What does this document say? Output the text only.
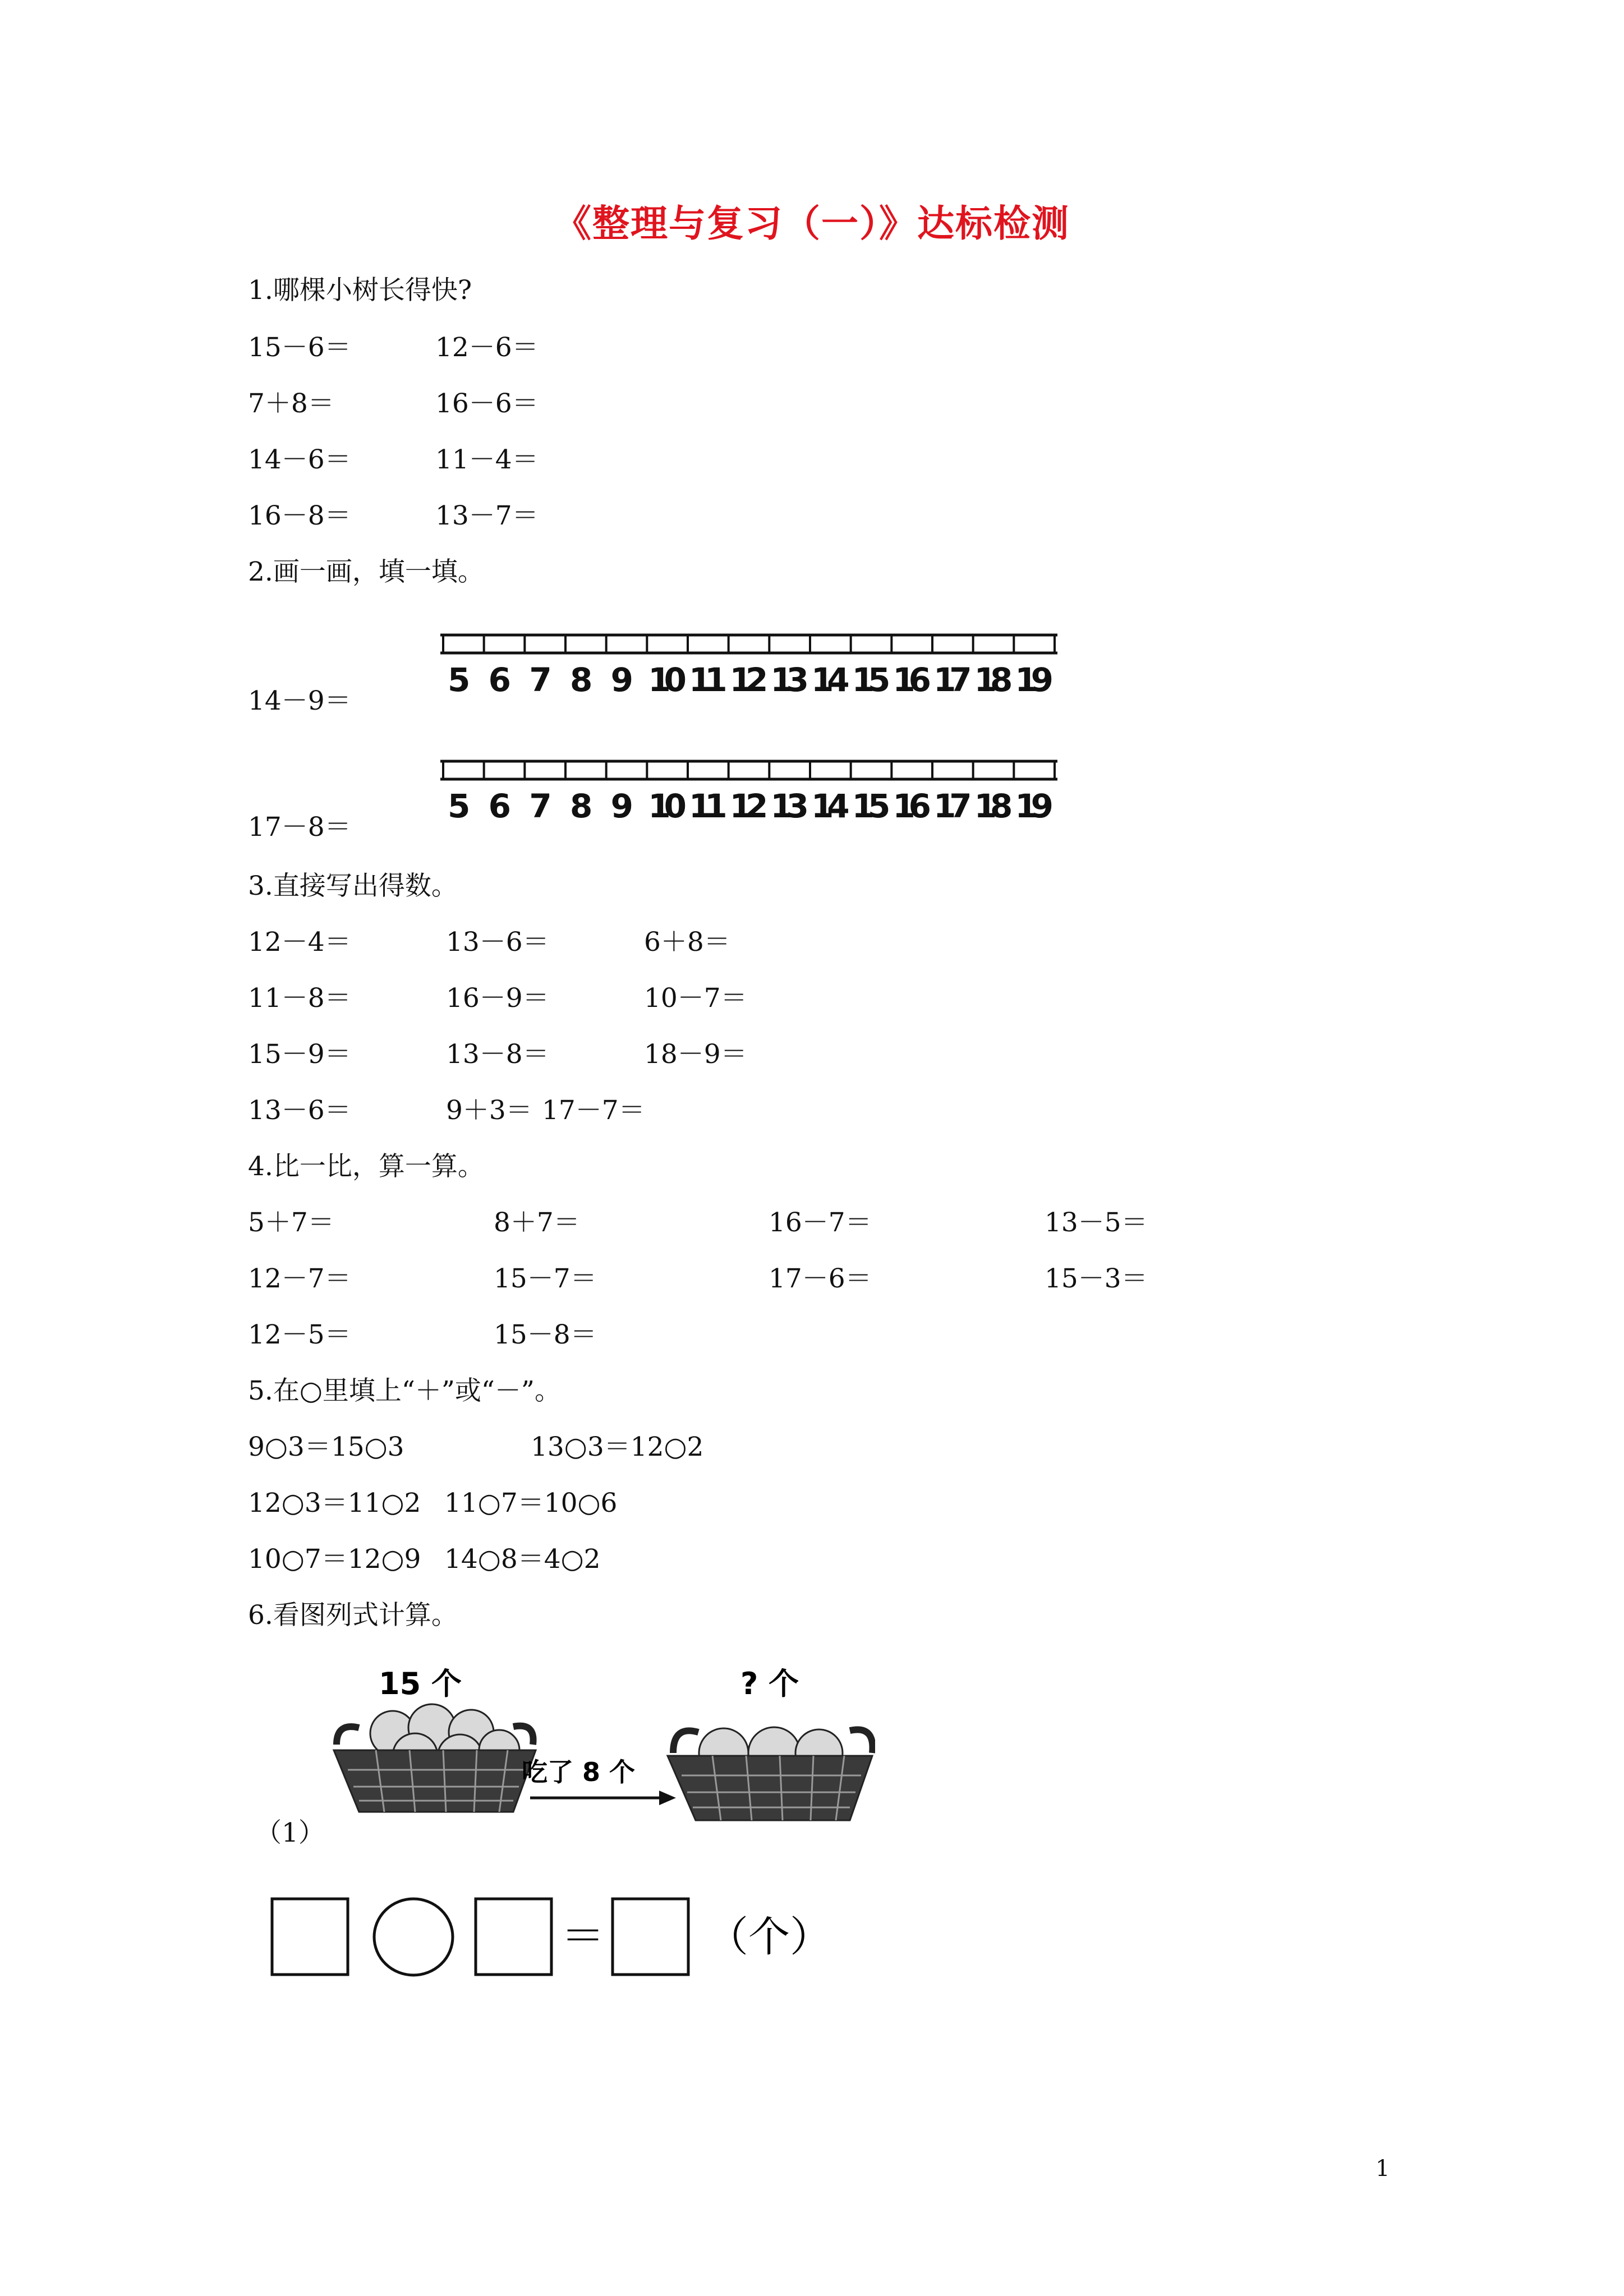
《整理与复习（一）》达标检测
1.哪棵小树长得快?
15－6＝	12－6＝
7＋8＝	16－6＝
14－6＝	11－4＝
16－8＝	13－7＝
2.画一画，填一填。
5 6 7 8 9 10 11 12 13 14 15 16 17 18 19
14－9＝
5 6 7 8 9 10 11 12 13 14 15 16 17 18 19
17－8＝
3.直接写出得数。
12－4＝	13－6＝	6＋8＝
11－8＝	16－9＝	10－7＝
15－9＝	13－8＝	18－9＝
13－6＝	9＋3＝ 17－7＝
4.比一比，算一算。
5＋7＝	8＋7＝	16－7＝	13－5＝
12－7＝	15－7＝	17－6＝	15－3＝
12－5＝	15－8＝
5.在○里填上“＋”或“－”。
9○3＝15○3	13○3＝12○2
12○3＝11○2 11○7＝10○6
10○7＝12○9 14○8＝4○2
6.看图列式计算。
15 个	? 个
吃了 8 个
（1）
＝ （个）
1
